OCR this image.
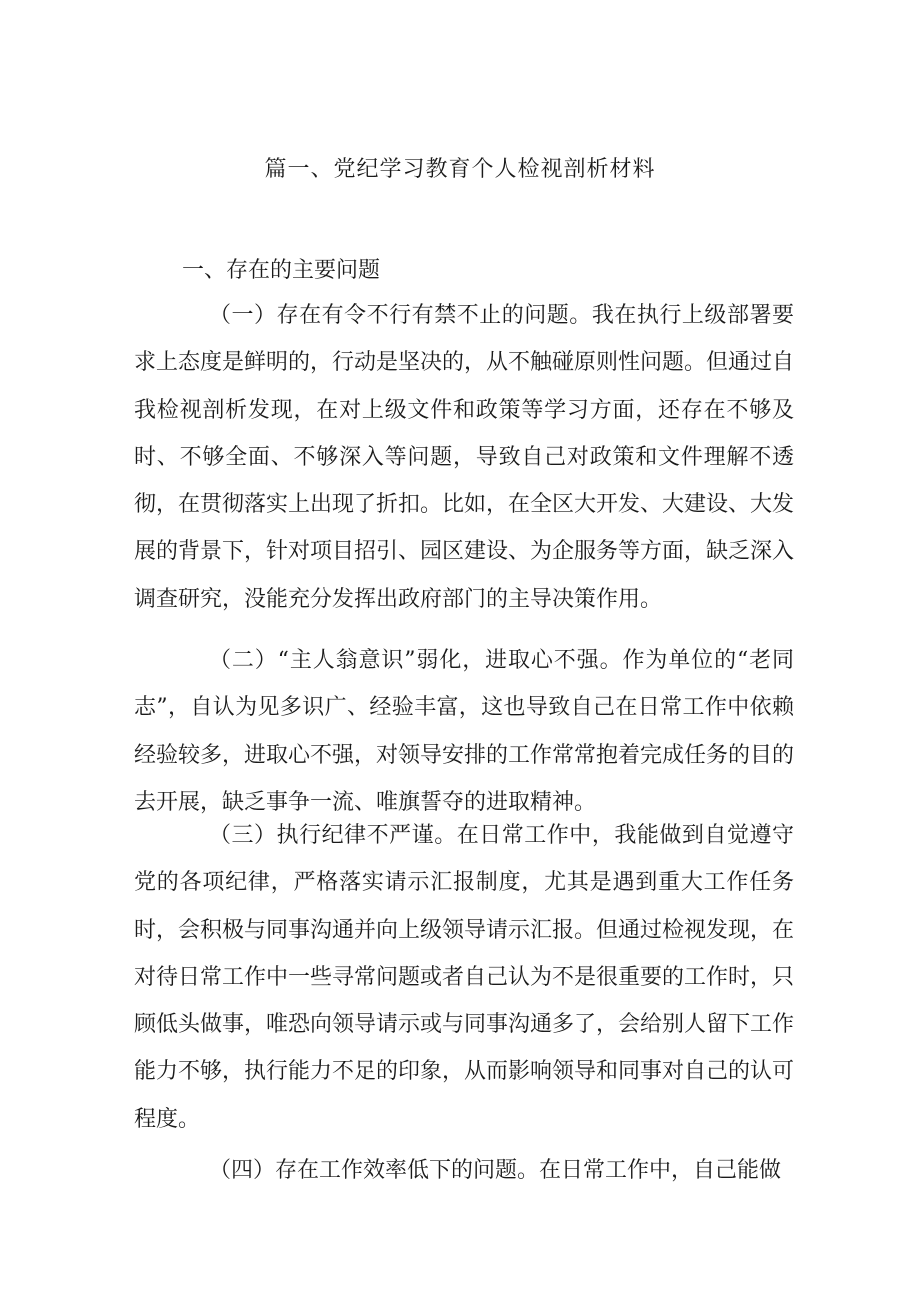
篇一、党纪学习教育个人检视剖析材料
一、存在的主要问题

（一）存在有令不行有禁不止的问题。我在执行上级部署要求上态度是鲜明的，行动是坚决的，从不触碰原则性问题。但通过自我检视剖析发现，在对上级文件和政策等学习方面，还存在不够及时、不够全面、不够深入等问题，导致自己对政策和文件理解不透彻，在贯彻落实上出现了折扣。比如，在全区大开发、大建设、大发展的背景下，针对项目招引、园区建设、为企服务等方面，缺乏深入调查研究，没能充分发挥出政府部门的主导决策作用。

（二）“主人翁意识”弱化，进取心不强。作为单位的“老同志”，自认为见多识广、经验丰富，这也导致自己在日常工作中依赖经验较多，进取心不强，对领导安排的工作常常抱着完成任务的目的去开展，缺乏事争一流、唯旗誓夺的进取精神。

（三）执行纪律不严谨。在日常工作中，我能做到自觉遵守党的各项纪律，严格落实请示汇报制度，尤其是遇到重大工作任务时，会积极与同事沟通并向上级领导请示汇报。但通过检视发现，在对待日常工作中一些寻常问题或者自己认为不是很重要的工作时，只顾低头做事，唯恐向领导请示或与同事沟通多了，会给别人留下工作能力不够，执行能力不足的印象，从而影响领导和同事对自己的认可程度。

（四）存在工作效率低下的问题。在日常工作中，自己能做
